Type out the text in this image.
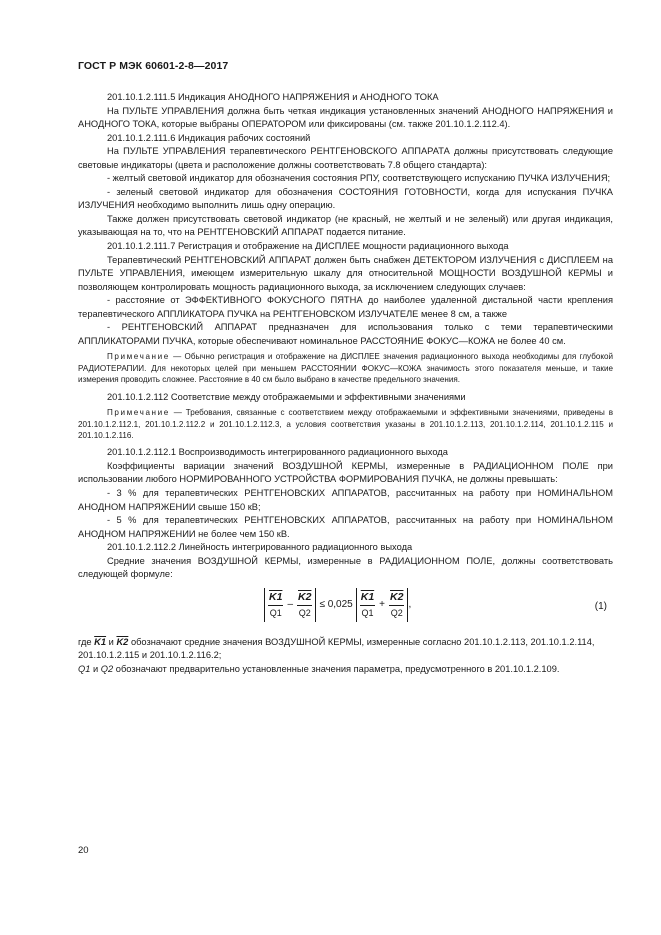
ГОСТ Р МЭК 60601-2-8—2017

201.10.1.2.111.5 Индикация АНОДНОГО НАПРЯЖЕНИЯ и АНОДНОГО ТОКА

На ПУЛЬТЕ УПРАВЛЕНИЯ должна быть четкая индикация установленных значений АНОДНОГО НАПРЯЖЕНИЯ и АНОДНОГО ТОКА, которые выбраны ОПЕРАТОРОМ или фиксированы (см. также 201.10.1.2.112.4).

201.10.1.2.111.6 Индикация рабочих состояний

На ПУЛЬТЕ УПРАВЛЕНИЯ терапевтического РЕНТГЕНОВСКОГО АППАРАТА должны присутствовать следующие световые индикаторы (цвета и расположение должны соответствовать 7.8 общего стандарта):

- желтый световой индикатор для обозначения состояния РПУ, соответствующего испусканию ПУЧКА ИЗЛУЧЕНИЯ;

- зеленый световой индикатор для обозначения СОСТОЯНИЯ ГОТОВНОСТИ, когда для испускания ПУЧКА ИЗЛУЧЕНИЯ необходимо выполнить лишь одну операцию.

Также должен присутствовать световой индикатор (не красный, не желтый и не зеленый) или другая индикация, указывающая на то, что на РЕНТГЕНОВСКИЙ АППАРАТ подается питание.

201.10.1.2.111.7 Регистрация и отображение на ДИСПЛЕЕ мощности радиационного выхода

Терапевтический РЕНТГЕНОВСКИЙ АППАРАТ должен быть снабжен ДЕТЕКТОРОМ ИЗЛУЧЕНИЯ с ДИСПЛЕЕМ на ПУЛЬТЕ УПРАВЛЕНИЯ, имеющем измерительную шкалу для относительной МОЩНОСТИ ВОЗДУШНОЙ КЕРМЫ и позволяющем контролировать мощность радиационного выхода, за исключением следующих случаев:

- расстояние от ЭФФЕКТИВНОГО ФОКУСНОГО ПЯТНА до наиболее удаленной дистальной части крепления терапевтического АППЛИКАТОРА ПУЧКА на РЕНТГЕНОВСКОМ ИЗЛУЧАТЕЛЕ менее 8 см, а также

- РЕНТГЕНОВСКИЙ АППАРАТ предназначен для использования только с теми терапевтическими АППЛИКАТОРАМИ ПУЧКА, которые обеспечивают номинальное РАССТОЯНИЕ ФОКУС—КОЖА не более 40 см.

Примечание — Обычно регистрация и отображение на ДИСПЛЕЕ значения радиационного выхода необходимы для глубокой РАДИОТЕРАПИИ. Для некоторых целей при меньшем РАССТОЯНИИ ФОКУС—КОЖА значимость этого показателя меньше, и такие измерения проводить сложнее. Расстояние в 40 см было выбрано в качестве предельного значения.

201.10.1.2.112 Соответствие между отображаемыми и эффективными значениями

Примечание — Требования, связанные с соответствием между отображаемыми и эффективными значениями, приведены в 201.10.1.2.112.1, 201.10.1.2.112.2 и 201.10.1.2.112.3, а условия соответствия указаны в 201.10.1.2.113, 201.10.1.2.114, 201.10.1.2.115 и 201.10.1.2.116.

201.10.1.2.112.1 Воспроизводимость интегрированного радиационного выхода

Коэффициенты вариации значений ВОЗДУШНОЙ КЕРМЫ, измеренные в РАДИАЦИОННОМ ПОЛЕ при использовании любого НОРМИРОВАННОГО УСТРОЙСТВА ФОРМИРОВАНИЯ ПУЧКА, не должны превышать:

- 3 % для терапевтических РЕНТГЕНОВСКИХ АППАРАТОВ, рассчитанных на работу при НОМИНАЛЬНОМ АНОДНОМ НАПРЯЖЕНИИ свыше 150 кВ;

- 5 % для терапевтических РЕНТГЕНОВСКИХ АППАРАТОВ, рассчитанных на работу при НОМИНАЛЬНОМ АНОДНОМ НАПРЯЖЕНИИ не более чем 150 кВ.

201.10.1.2.112.2 Линейность интегрированного радиационного выхода

Средние значения ВОЗДУШНОЙ КЕРМЫ, измеренные в РАДИАЦИОННОМ ПОЛЕ, должны соответствовать следующей формуле:

$\frac{K1}{Q1} - \frac{K2}{Q2} \le 0,025 \frac{K1}{Q1} + \frac{K2}{Q2}$ ,	(1)

где K1 и K2 обозначают средние значения ВОЗДУШНОЙ КЕРМЫ, измеренные согласно 201.10.1.2.113, 201.10.1.2.114, 201.10.1.2.115 и 201.10.1.2.116.2;

Q1 и Q2 обозначают предварительно установленные значения параметра, предусмотренного в 201.10.1.2.109.

20
